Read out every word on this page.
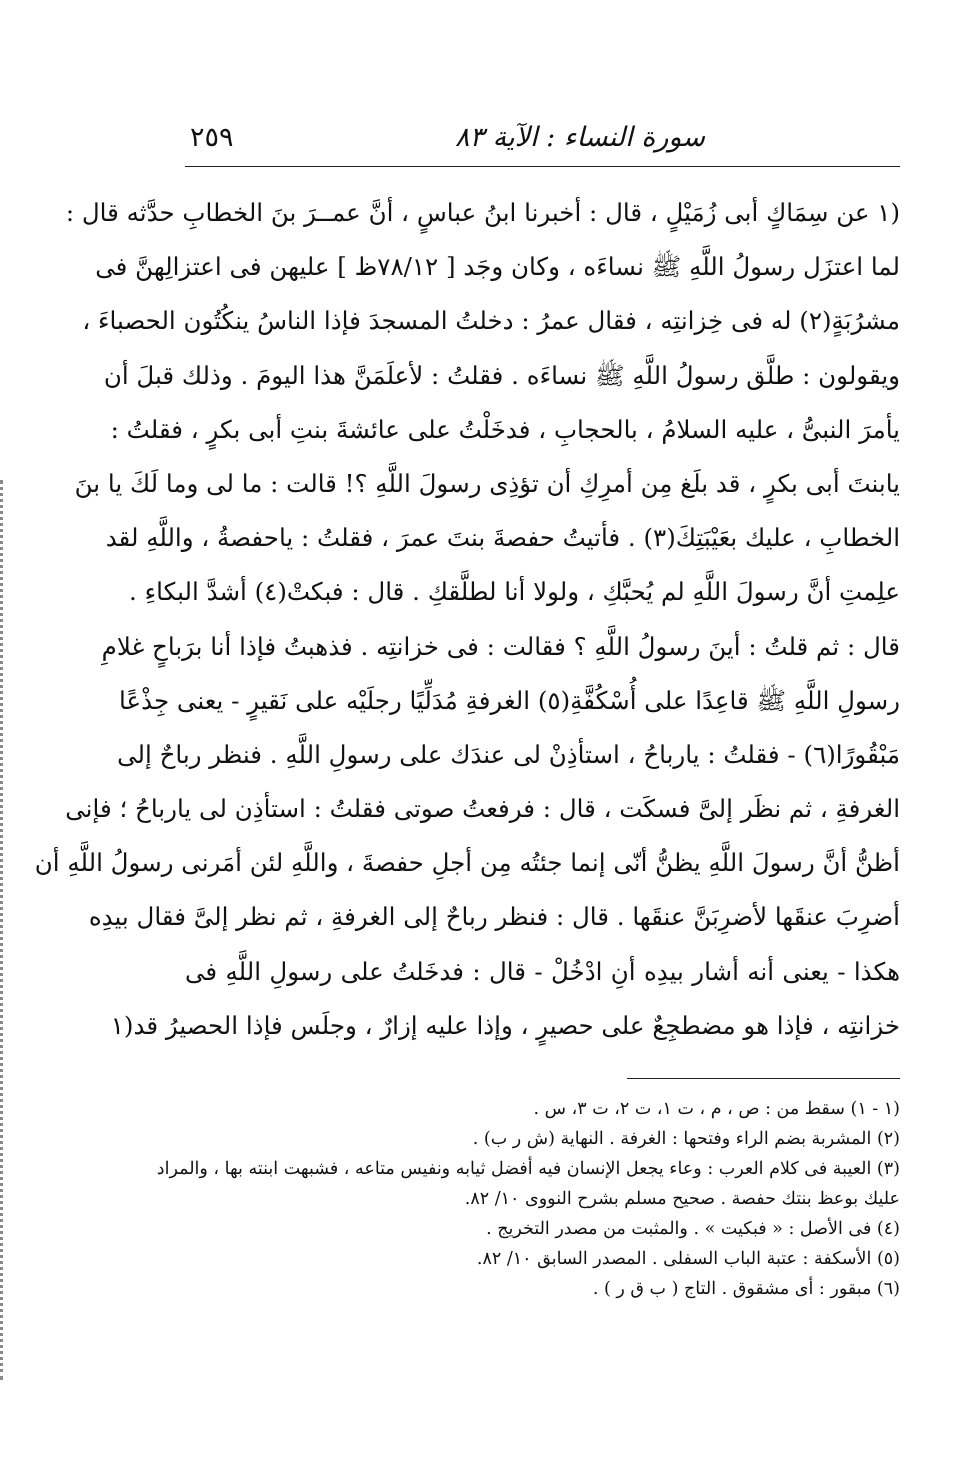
سورة النساء : الآية ٨٣
٢٥٩
(١ عن سِمَاكٍ أبى زُمَيْلٍ ، قال : أخبرنا ابنُ عباسٍ ، أنَّ عمــرَ بنَ الخطابِ حدَّثه قال :
لما اعتزَل رسولُ اللَّهِ ﷺ نساءَه ، وكان وجَد [ ٧٨/١٢ظ ] عليهن فى اعتزالِهنَّ فى
مشرُبَةٍ(٢) له فى خِزانتِه ، فقال عمرُ : دخلتُ المسجدَ فإذا الناسُ ينكُتُون الحصباءَ ،
ويقولون : طلَّق رسولُ اللَّهِ ﷺ نساءَه . فقلتُ : لأعلَمَنَّ هذا اليومَ . وذلك قبلَ أن
يأمرَ النبىُّ ، عليه السلامُ ، بالحجابِ ، فدخَلْتُ على عائشةَ بنتِ أبى بكرٍ ، فقلتُ :
يابنتَ أبى بكرٍ ، قد بلَغ مِن أمرِكِ أن تؤذِى رسولَ اللَّهِ ؟! قالت : ما لى وما لَكَ يا بنَ
الخطابِ ، عليك بعَيْبَتِكَ(٣) . فأتيتُ حفصةَ بنتَ عمرَ ، فقلتُ : ياحفصةُ ، واللَّهِ لقد
علِمتِ أنَّ رسولَ اللَّهِ لم يُحبَّكِ ، ولولا أنا لطلَّقكِ . قال : فبكتْ(٤) أشدَّ البكاءِ .
قال : ثم قلتُ : أينَ رسولُ اللَّهِ ؟ فقالت : فى خزانتِه . فذهبتُ فإذا أنا برَباحٍ غلامِ
رسولِ اللَّهِ ﷺ قاعِدًا على أُسْكُفَّةِ(٥) الغرفةِ مُدَلِّيًا رجلَيْه على نَقيرٍ - يعنى جِذْعًا
مَبْقُورًا(٦) - فقلتُ : يارباحُ ، استأذِنْ لى عندَك على رسولِ اللَّهِ . فنظر رباحٌ إلى
الغرفةِ ، ثم نظَر إلىَّ فسكَت ، قال : فرفعتُ صوتى فقلتُ : استأذِن لى يارباحُ ؛ فإنى
أظنُّ أنَّ رسولَ اللَّهِ يظنُّ أنّى إنما جئتُه مِن أجلِ حفصةَ ، واللَّهِ لئن أمَرنى رسولُ اللَّهِ أن
أضرِبَ عنقَها لأضرِبَنَّ عنقَها . قال : فنظر رباحٌ إلى الغرفةِ ، ثم نظر إلىَّ فقال بيدِه
هكذا - يعنى أنه أشار بيدِه أنِ ادْخُلْ - قال : فدخَلتُ على رسولِ اللَّهِ فى
خزانتِه ، فإذا هو مضطجِعٌ على حصيرٍ ، وإذا عليه إزارٌ ، وجلَس فإذا الحصيرُ قد(١
(١ - ١) سقط من : ص ، م ، ت ١، ت ٢، ت ٣، س .
(٢) المشربة بضم الراء وفتحها : الغرفة . النهاية (ش ر ب) .
(٣) العيبة فى كلام العرب : وعاء يجعل الإنسان فيه أفضل ثيابه ونفيس متاعه ، فشبهت ابنته بها ، والمراد
عليك بوعظ بنتك حفصة . صحيح مسلم بشرح النووى ١٠/ ٨٢.
(٤) فى الأصل : « فبكيت » . والمثبت من مصدر التخريج .
(٥) الأسكفة : عتبة الباب السفلى . المصدر السابق ١٠/ ٨٢.
(٦) مبقور : أى مشقوق . التاج ( ب ق ر ) .
